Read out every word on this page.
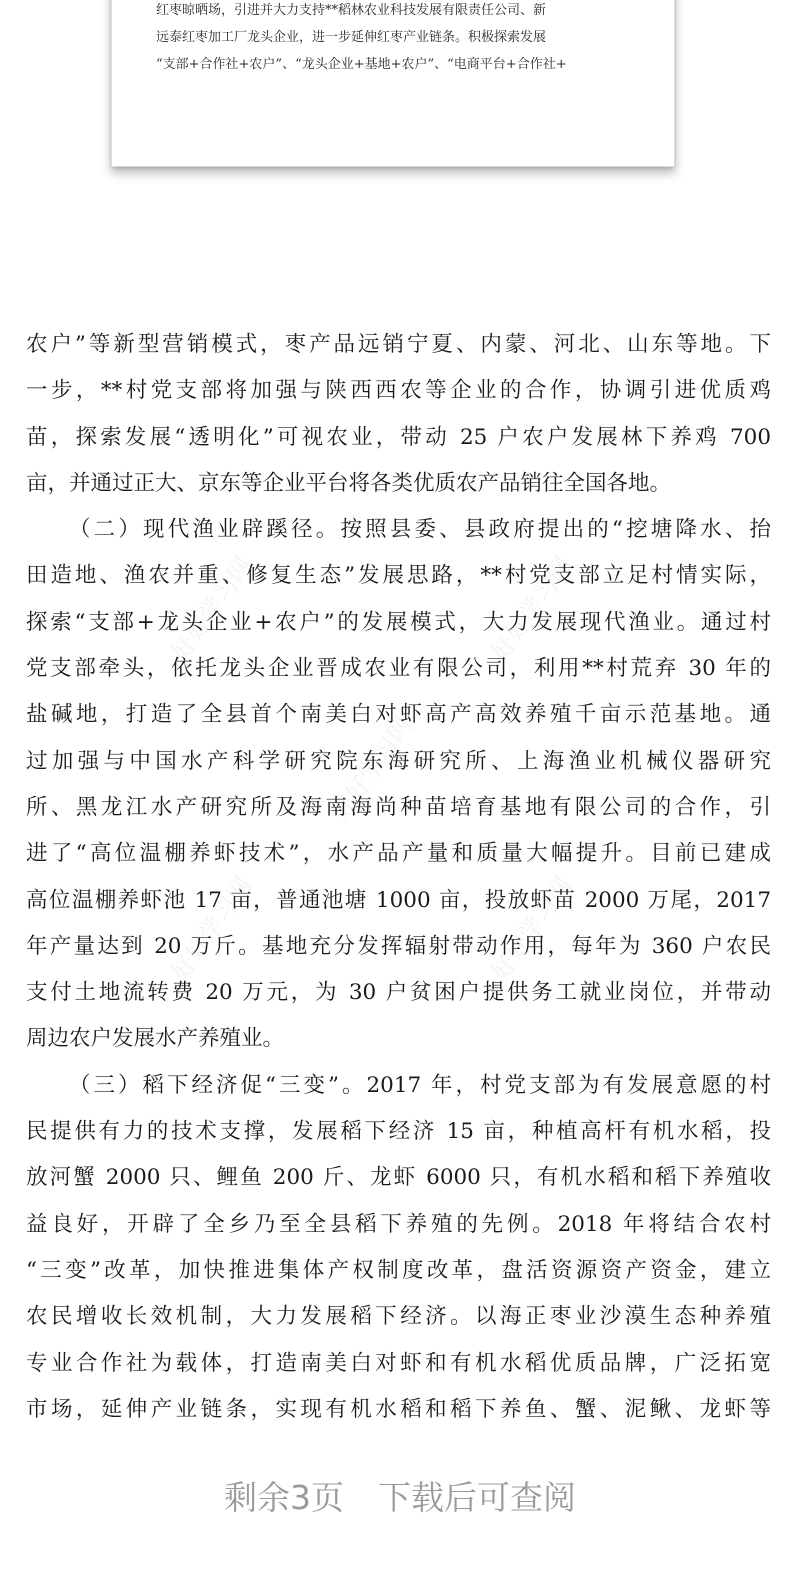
红枣晾晒场，引进并大力支持**稻林农业科技发展有限责任公司、新
远泰红枣加工厂龙头企业，进一步延伸红枣产业链条。积极探索发展
“支部+合作社+农户”、“龙头企业+基地+农户”、“电商平台+合作社+
好好学习网	好好学习网
好好学习网
好好学习网	好好学习网
农户”等新型营销模式，枣产品远销宁夏、内蒙、河北、山东等地。下
一步，**村党支部将加强与陕西西农等企业的合作，协调引进优质鸡
苗，探索发展“透明化”可视农业，带动 25 户农户发展林下养鸡 700
亩，并通过正大、京东等企业平台将各类优质农产品销往全国各地。
（二）现代渔业辟蹊径。按照县委、县政府提出的“挖塘降水、抬
田造地、渔农并重、修复生态”发展思路，**村党支部立足村情实际，
探索“支部+龙头企业+农户”的发展模式，大力发展现代渔业。通过村
党支部牵头，依托龙头企业晋成农业有限公司，利用**村荒弃 30 年的
盐碱地，打造了全县首个南美白对虾高产高效养殖千亩示范基地。通
过加强与中国水产科学研究院东海研究所、上海渔业机械仪器研究
所、黑龙江水产研究所及海南海尚种苗培育基地有限公司的合作，引
进了“高位温棚养虾技术”，水产品产量和质量大幅提升。目前已建成
高位温棚养虾池 17 亩，普通池塘 1000 亩，投放虾苗 2000 万尾，2017
年产量达到 20 万斤。基地充分发挥辐射带动作用，每年为 360 户农民
支付土地流转费 20 万元，为 30 户贫困户提供务工就业岗位，并带动
周边农户发展水产养殖业。
（三）稻下经济促“三变”。2017 年，村党支部为有发展意愿的村
民提供有力的技术支撑，发展稻下经济 15 亩，种植高杆有机水稻，投
放河蟹 2000 只、鲤鱼 200 斤、龙虾 6000 只，有机水稻和稻下养殖收
益良好，开辟了全乡乃至全县稻下养殖的先例。2018 年将结合农村
“三变”改革，加快推进集体产权制度改革，盘活资源资产资金，建立
农民增收长效机制，大力发展稻下经济。以海正枣业沙漠生态种养殖
专业合作社为载体，打造南美白对虾和有机水稻优质品牌，广泛拓宽
市场，延伸产业链条，实现有机水稻和稻下养鱼、蟹、泥鳅、龙虾等
剩余3页 下载后可查阅
